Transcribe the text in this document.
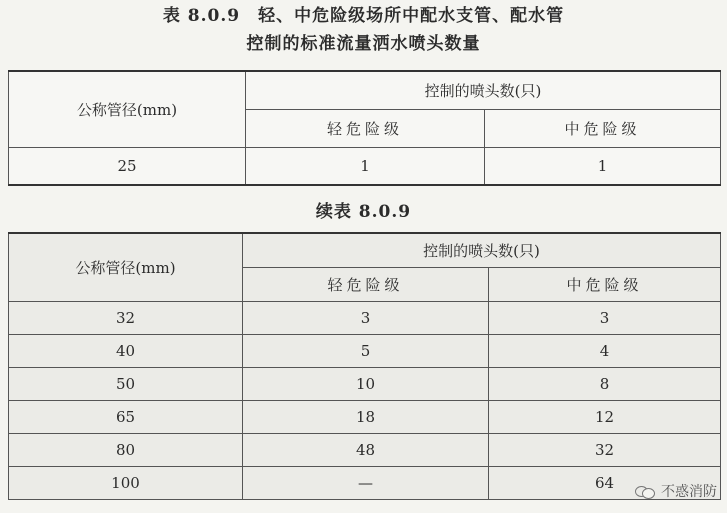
表 8.0.9　轻、中危险级场所中配水支管、配水管
控制的标准流量洒水喷头数量
公称管径(mm)	控制的喷头数(只)	
	轻危险级	中危险级
25	1	1
续表 8.0.9
公称管径(mm)	控制的喷头数(只)	
	轻危险级	中危险级
32	3	3
40	5	4
50	10	8
65	18	12
80	48	32
100	—	64
不惑消防
